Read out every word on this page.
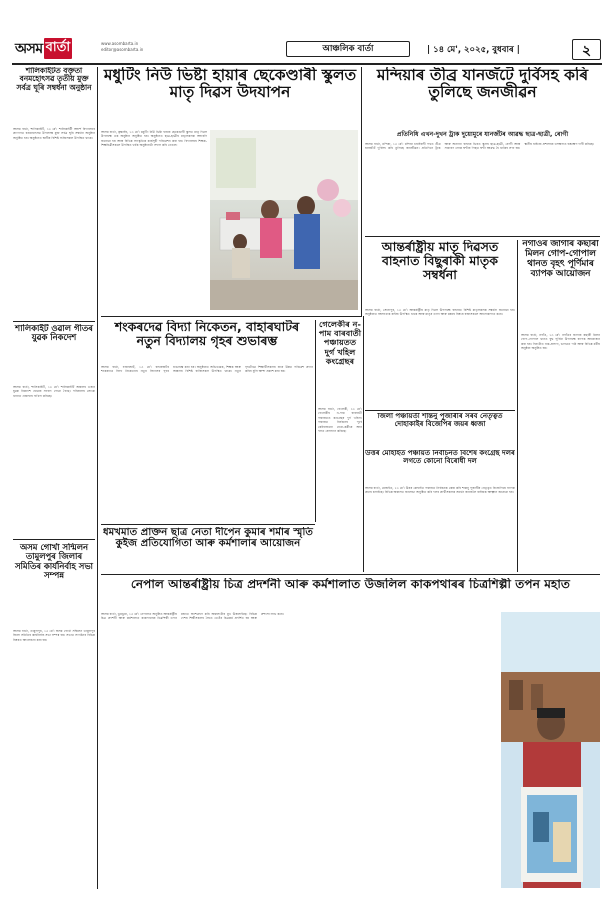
অসম বাৰ্তা	www.asombarta.in
editor@asombarta.in	আঞ্চলিক বাৰ্তা	| ১৪ মে', ২০২৫, বুধবাৰ |	২
শালিকাইটত বক্তৃতা বনমহোৎসৱ তৃতীয় মুক্ত সৰ্বত্ৰ ঘূৰি সম্বৰ্ধনা অনুষ্ঠান
আসম বাৰ্তা, শালিকাইটি, ১৩ মে': শালিকাইটী আদৰ্শ বিদ্যালয়ৰ প্ৰাংগণত বনমহোৎসৱ উপলক্ষে মুক্ত সৰ্বত্ৰ ঘূৰি সম্বৰ্ধনা অনুষ্ঠান অনুষ্ঠিত হয়। অনুষ্ঠানত স্থানীয় বিশিষ্ট ব্যক্তিসকল উপস্থিত থাকে।
শালিকাইট ওৱাল গীতৰ যুৱক নিকদেশ
আসম বাৰ্তা, শালিকাইটি, ১৩ মে': শালিকাইটি অঞ্চলৰ এজন যুৱক নিকদেশ হোৱাৰ সংবাদ পোৱা গৈছে। পৰিয়ালৰ লোকে থানাত এজাহাৰ দাখিল কৰিছে।
অসম গোৰ্খা সন্মিলন তামুলপুৰ জিলাৰ সমিতিৰ কাৰ্যনিৰ্বাহ সভা সম্পন্ন
আসম বাৰ্তা, তামুলপুৰ, ১৩ মে': অসম গোৰ্খা সন্মিলন তামুলপুৰ জিলা সমিতিৰ কাৰ্যনিৰ্বাহ সভা সম্পন্ন হয়। সভাত সংগঠনৰ বিভিন্ন বিষয়ত আলোচনা কৰা হয়।
মধুটিং নিউ ভিষ্টা হায়াৰ ছেকেণ্ডাৰী স্কুলত মাতৃ দিৱস উদযাপন
আসম বাৰ্তা, কৃষ্ণাইহ, ১৩ মে': মধুটিং নিউ ভিষ্টা হায়াৰ ছেকেণ্ডাৰী স্কুলত মাতৃ দিৱস উপলক্ষে এক অনুষ্ঠান অনুষ্ঠিত হয়। অনুষ্ঠানত ছাত্ৰ-ছাত্ৰীৰ মাতৃসকলক আদৰণি জনোৱা হয় আৰু বিভিন্ন সাংস্কৃতিক কাৰ্যসূচী পৰিৱেশন কৰা হয়। বিদ্যালয়ৰ শিক্ষক-শিক্ষয়িত্ৰীসকলে উপস্থিত থাকি অনুষ্ঠানটো সফল কৰি তোলে।
মন্দিয়াৰ তীব্ৰ যানজঁটে দুৰ্বিসহ কৰি তুলিছে জনজীৱন
প্ৰতিনিধি এখন-দুখন ট্ৰাক দুয়োমুৰে যানজঁটৰ আৱদ্ধ ছাত্ৰ-ছাত্ৰী, ৰোগী
আসম বাৰ্তা, মন্দিয়া, ১৩ মে': মন্দিয়া চৰাইবাহী পথত তীব্ৰ যানজঁটে দুৰ্বিসহ কৰি তুলিছে জনজীৱন। প্ৰতিদিনে ট্ৰাক আৰু অন্যান্য বাহনৰ ভিৰত স্কুলৰ ছাত্ৰ-ছাত্ৰী, ৰোগী আৰু সাধাৰণ লোক ঘণ্টাৰ পিছত ঘণ্টা আৱদ্ধ হৈ থাকিব লগা হয়। স্থানীয় ৰাইজে প্ৰশাসনৰ তৎক্ষণাত হস্তক্ষেপ দাবী কৰিছে।
আন্তৰ্ৰাষ্ট্ৰীয় মাতৃ দিৱসত বাহনাত বিছুৰাকী মাতৃক সম্বৰ্ধনা
আসম বাৰ্তা, সোনাপুৰ, ১৩ মে': আন্তৰ্ৰাষ্ট্ৰীয় মাতৃ দিৱস উপলক্ষে বাহনাত বিশিষ্ট মাতৃসকলক সম্বৰ্ধনা জনোৱা হয়। অনুষ্ঠানত বহুসংখ্যক ৰাইজ উপস্থিত থাকে আৰু মাতৃৰ ত্যাগ আৰু মৰমৰ বিষয়ে বক্তাসকলে আলোকপাত কৰে।
নগাঁওৰ জাগাৰ কছাৰী মিলন গোপ-গোপাল থানত বৃহৎ পূৰ্ণিমাৰ ব্যাপক আয়োজন
আসম বাৰ্তা, নগাঁও, ১৩ মে': নগাঁওৰ জাগাৰ কছাৰী মিলন গোপ-গোপাল থানত বুদ্ধ পূৰ্ণিমা উপলক্ষে ব্যাপক আয়োজন কৰা হয়। দিনটোত নাম-প্ৰসংগ, ভাগৱত পাঠ আৰু বিভিন্ন ধৰ্মীয় অনুষ্ঠান অনুষ্ঠিত হয়।
শংকৰদেৱ বিদ্যা নিকেতন, বাহাৰঘাটৰ নতুন বিদ্যালয় গৃহৰ শুভাৰম্ভ
আসম বাৰ্তা, বাহাৰঘাট, ১৩ মে': বাহাৰঘাটৰ শংকৰদেৱ বিদ্যা নিকেতনৰ নতুন বিদ্যালয় গৃহৰ শুভাৰম্ভ কৰা হয়। অনুষ্ঠানত অভিভাৱক, শিক্ষক আৰু অঞ্চলৰ বিশিষ্ট ব্যক্তিসকল উপস্থিত থাকে। নতুন গৃহটোৱে শিক্ষাৰ্থীসকলৰ বাবে উন্নত পৰিৱেশ প্ৰদান কৰিব বুলি আশা প্ৰকাশ কৰা হয়।
গেলেকীৰ ন-পাম বাৰবাতী পঞ্চায়তত দুৰ্গ খহিল কংগ্ৰেছৰ
আসম বাৰ্তা, গেলেকী, ১৩ মে': গেলেকীৰ ন-পাম বাৰবাতী পঞ্চায়তত কংগ্ৰেছৰ দুৰ্গ খহিল। পঞ্চায়ত নিৰ্বাচনৰ পূৰ্বে কেইবাজনো নেতা-কৰ্মীয়ে আন দলত যোগদান কৰিছে।
জিলা পঞ্চায়তী শান্তনু পূজাৰীৰ সৰব নেতৃত্বত দোহাকাইৰ বিজেপিৰ জয়ৰ ধ্বজা
উত্তৰ মোহাইত পঞ্চায়ত নিৰ্বাচনত বিশেষ কংগ্ৰেছ দলৰ লগতে কোনো বিৰোধী দল
আসম বাৰ্তা, মোহাইত, ১৩ মে': উত্তৰ মোহাইত পঞ্চায়ত নিৰ্বাচনক কেন্দ্ৰ কৰি শান্তনু পূজাৰীৰ নেতৃত্বত বিজেপিয়ে ব্যাপক প্ৰচাৰ চলাইছে। বিভিন্ন অঞ্চলত জনসভা অনুষ্ঠিত কৰি দলৰ প্ৰাৰ্থীসকলক সমৰ্থন জনাবলৈ ৰাইজক আহ্বান জনোৱা হয়।
ধমখমাত প্ৰাক্তন ছাত্ৰ নেতা দীপেন কুমাৰ শৰ্মাৰ স্মৃতি কুইজ প্ৰতিযোগিতা আৰু কৰ্মশালাৰ আয়োজন
নেপাল আন্তৰ্ৰাষ্ট্ৰীয় চিত্ৰ প্ৰদৰ্শনী আৰু কৰ্মশালাত উজলিল কাকপথাৰৰ চিত্ৰশিল্পী তপন মহাত
আসম বাৰ্তা, ডুমডুমা, ১৩ মে': নেপালত অনুষ্ঠিত আন্তৰ্ৰাষ্ট্ৰীয় চিত্ৰ প্ৰদৰ্শনী আৰু কৰ্মশালাত কাকপথাৰৰ চিত্ৰশিল্পী তপন মহাতে অংশগ্ৰহণ কৰি অঞ্চলটোৰ মুখ উজলাইছে। বিভিন্ন দেশৰ শিল্পীসকলৰ সৈতে তেওঁৰ চিত্ৰকৰ্ম প্ৰদৰ্শিত হয় আৰু প্ৰশংসা লাভ কৰে।
